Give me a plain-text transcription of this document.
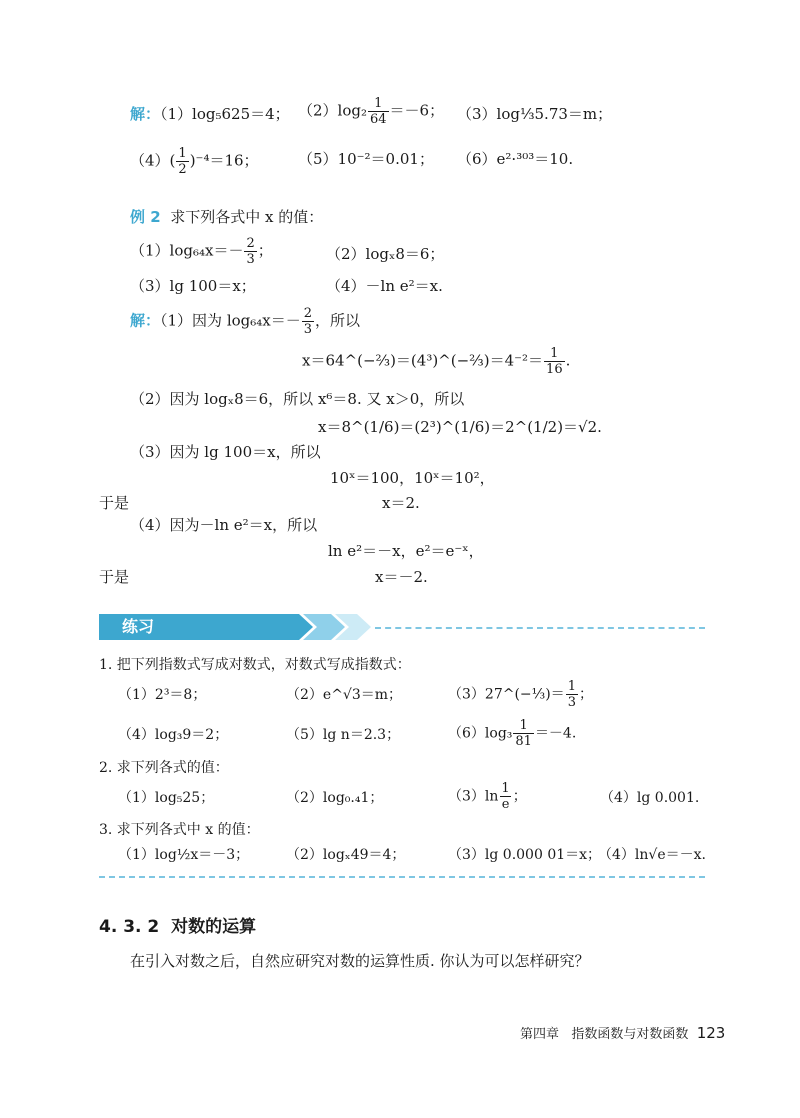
解：（1）log₅625＝4； $(2)\log_2 \frac{1}{64} =-6$； （3）log⅓5.73＝m；
$(4)( \frac{1}{2} )^{-4}=16$；	（5）10⁻²＝0.01； （6）e²·³⁰³＝10.
例 2 求下列各式中 x 的值：
$(1)\log_{64}x=- \frac{2}{3}$ ；	（2）logₓ8＝6；
（3）lg 100＝x；	（4）－ln e²＝x.
解：（1）因为 $\log_{64}x=- \frac{2}{3}$ ，所以
x＝64^(−⅔)＝(4³)^(−⅔)＝4⁻²＝ $\frac{1}{16}$ .
（2）因为 logₓ8＝6，所以 x⁶＝8. 又 x＞0，所以
x＝8^(1/6)＝(2³)^(1/6)＝2^(1/2)＝√2.
（3）因为 lg 100＝x，所以
10ˣ＝100，10ˣ＝10²，
于是	x＝2.
（4）因为－ln e²＝x，所以
ln e²＝－x，e²＝e⁻ˣ，
于是	x＝－2.
练习
1. 把下列指数式写成对数式，对数式写成指数式：
（1）2³＝8；	（2）e^√3＝m；	（3）27^(−⅓)＝ $\frac{1}{3}$ ；
（4）log₃9＝2；	（5）lg n＝2.3；	$(6)\log_3 \frac{1}{81} =-4$.
2. 求下列各式的值：
（1）log₅25；	（2）log₀.₄1；	$(3)\ln \frac{1}{e}$ ；	（4）lg 0.001.
3. 求下列各式中 x 的值：
（1）log½x＝－3；	（2）logₓ49＝4；	（3）lg 0.000 01＝x；
（4）ln√e＝－x.
4. 3. 2 对数的运算
在引入对数之后，自然应研究对数的运算性质. 你认为可以怎样研究？
第四章 指数函数与对数函数 123
